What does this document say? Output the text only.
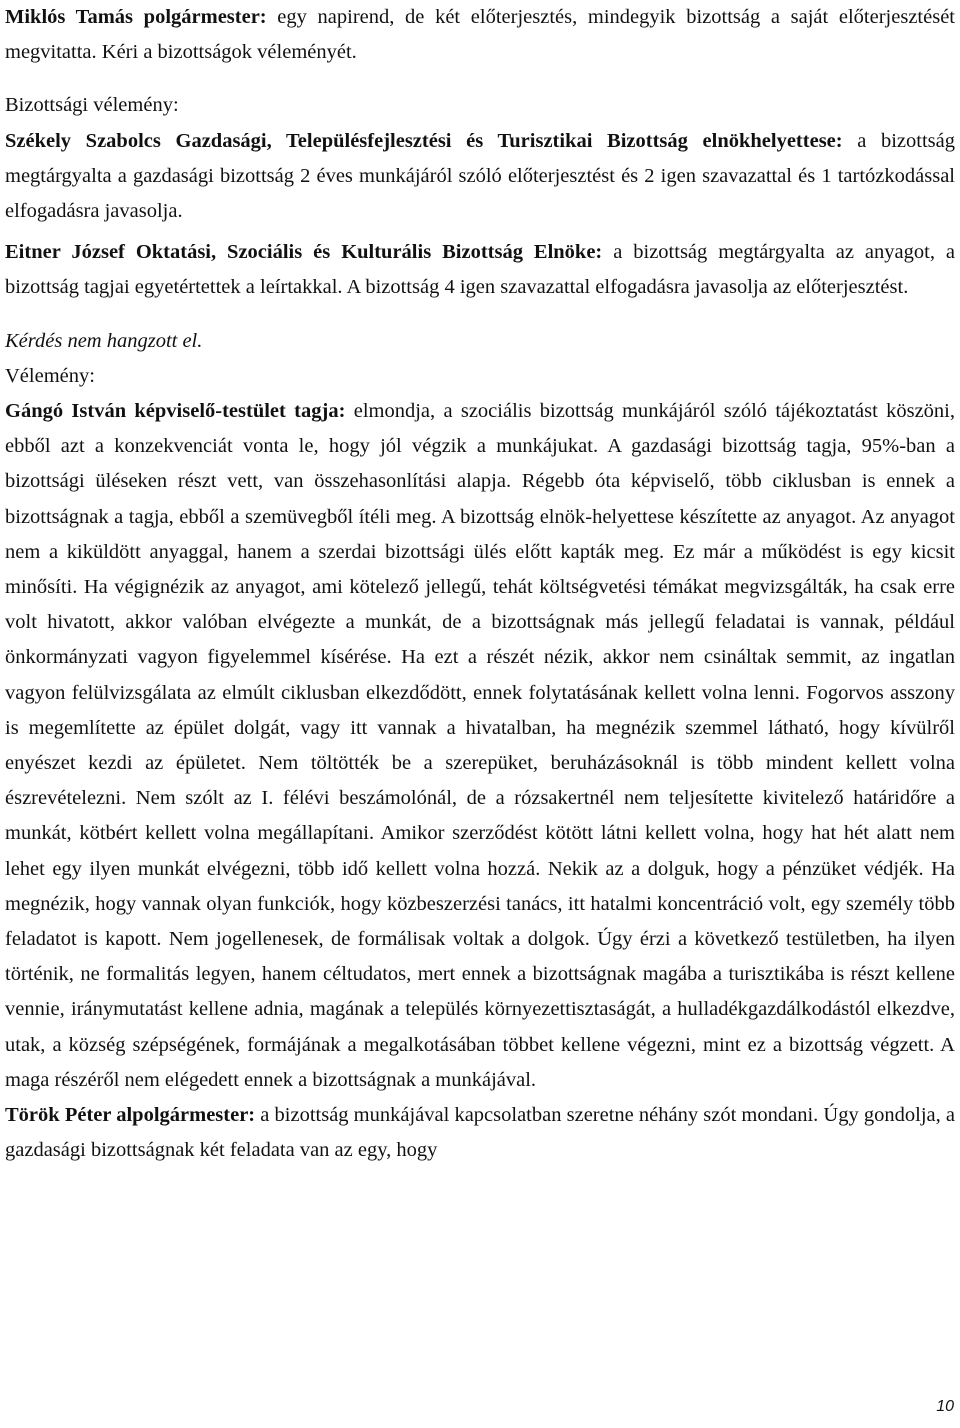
Miklós Tamás polgármester: egy napirend, de két előterjesztés, mindegyik bizottság a saját előterjesztését megvitatta. Kéri a bizottságok véleményét.

Bizottsági vélemény:

Székely Szabolcs Gazdasági, Településfejlesztési és Turisztikai Bizottság elnökhelyettese: a bizottság megtárgyalta a gazdasági bizottság 2 éves munkájáról szóló előterjesztést és 2 igen szavazattal és 1 tartózkodással elfogadásra javasolja.

Eitner József Oktatási, Szociális és Kulturális Bizottság Elnöke: a bizottság megtárgyalta az anyagot, a bizottság tagjai egyetértettek a leírtakkal. A bizottság 4 igen szavazattal elfogadásra javasolja az előterjesztést.

Kérdés nem hangzott el.

Vélemény:

Gángó István képviselő-testület tagja: elmondja, a szociális bizottság munkájáról szóló tájékoztatást köszöni, ebből azt a konzekvenciát vonta le, hogy jól végzik a munkájukat. A gazdasági bizottság tagja, 95%-ban a bizottsági üléseken részt vett, van összehasonlítási alapja. Régebb óta képviselő, több ciklusban is ennek a bizottságnak a tagja, ebből a szemüvegből ítéli meg. A bizottság elnök-helyettese készítette az anyagot. Az anyagot nem a kiküldött anyaggal, hanem a szerdai bizottsági ülés előtt kapták meg. Ez már a működést is egy kicsit minősíti. Ha végignézik az anyagot, ami kötelező jellegű, tehát költségvetési témákat megvizsgálták, ha csak erre volt hivatott, akkor valóban elvégezte a munkát, de a bizottságnak más jellegű feladatai is vannak, például önkormányzati vagyon figyelemmel kísérése. Ha ezt a részét nézik, akkor nem csináltak semmit, az ingatlan vagyon felülvizsgálata az elmúlt ciklusban elkezdődött, ennek folytatásának kellett volna lenni. Fogorvos asszony is megemlítette az épület dolgát, vagy itt vannak a hivatalban, ha megnézik szemmel látható, hogy kívülről enyészet kezdi az épületet. Nem töltötték be a szerepüket, beruházásoknál is több mindent kellett volna észrevételezni. Nem szólt az I. félévi beszámolónál, de a rózsakertnél nem teljesítette kivitelező határidőre a munkát, kötbért kellett volna megállapítani. Amikor szerződést kötött látni kellett volna, hogy hat hét alatt nem lehet egy ilyen munkát elvégezni, több idő kellett volna hozzá. Nekik az a dolguk, hogy a pénzüket védjék. Ha megnézik, hogy vannak olyan funkciók, hogy közbeszerzési tanács, itt hatalmi koncentráció volt, egy személy több feladatot is kapott. Nem jogellenesek, de formálisak voltak a dolgok. Úgy érzi a következő testületben, ha ilyen történik, ne formalitás legyen, hanem céltudatos, mert ennek a bizottságnak magába a turisztikába is részt kellene vennie, iránymutatást kellene adnia, magának a település környezettisztaságát, a hulladékgazdálkodástól elkezdve, utak, a község szépségének, formájának a megalkotásában többet kellene végezni, mint ez a bizottság végzett. A maga részéről nem elégedett ennek a bizottságnak a munkájával.

Török Péter alpolgármester: a bizottság munkájával kapcsolatban szeretne néhány szót mondani. Úgy gondolja, a gazdasági bizottságnak két feladata van az egy, hogy

10
